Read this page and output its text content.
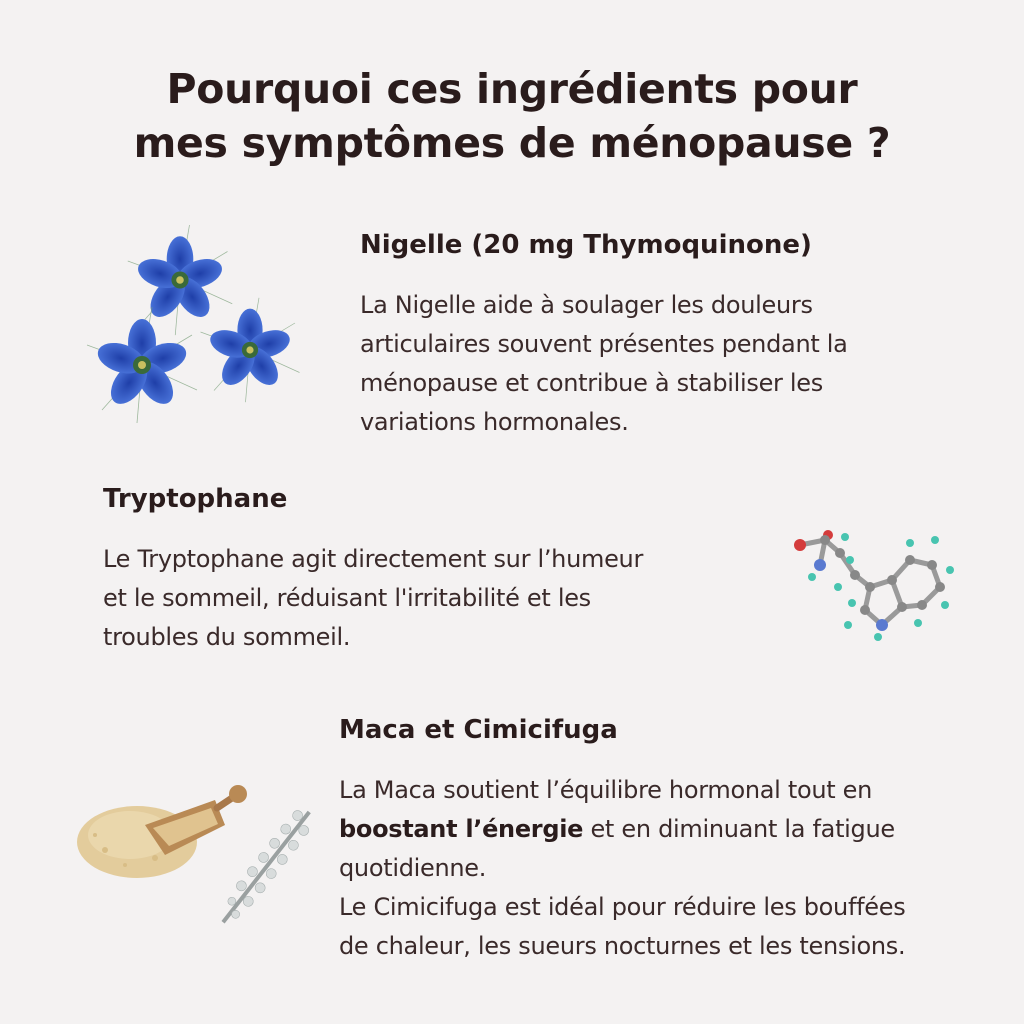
Pourquoi ces ingrédients pour
mes symptômes de ménopause ?
Nigelle (20 mg Thymoquinone)
La Nigelle aide à soulager les douleurs
articulaires souvent présentes pendant la
ménopause et contribue à stabiliser les
variations hormonales.
Tryptophane
Le Tryptophane agit directement sur l’humeur
et le sommeil, réduisant l'irritabilité et les
troubles du sommeil.
Maca et Cimicifuga
La Maca soutient l’équilibre hormonal tout en
boostant l’énergie et en diminuant la fatigue
quotidienne.
Le Cimicifuga est idéal pour réduire les bouffées
de chaleur, les sueurs nocturnes et les tensions.
